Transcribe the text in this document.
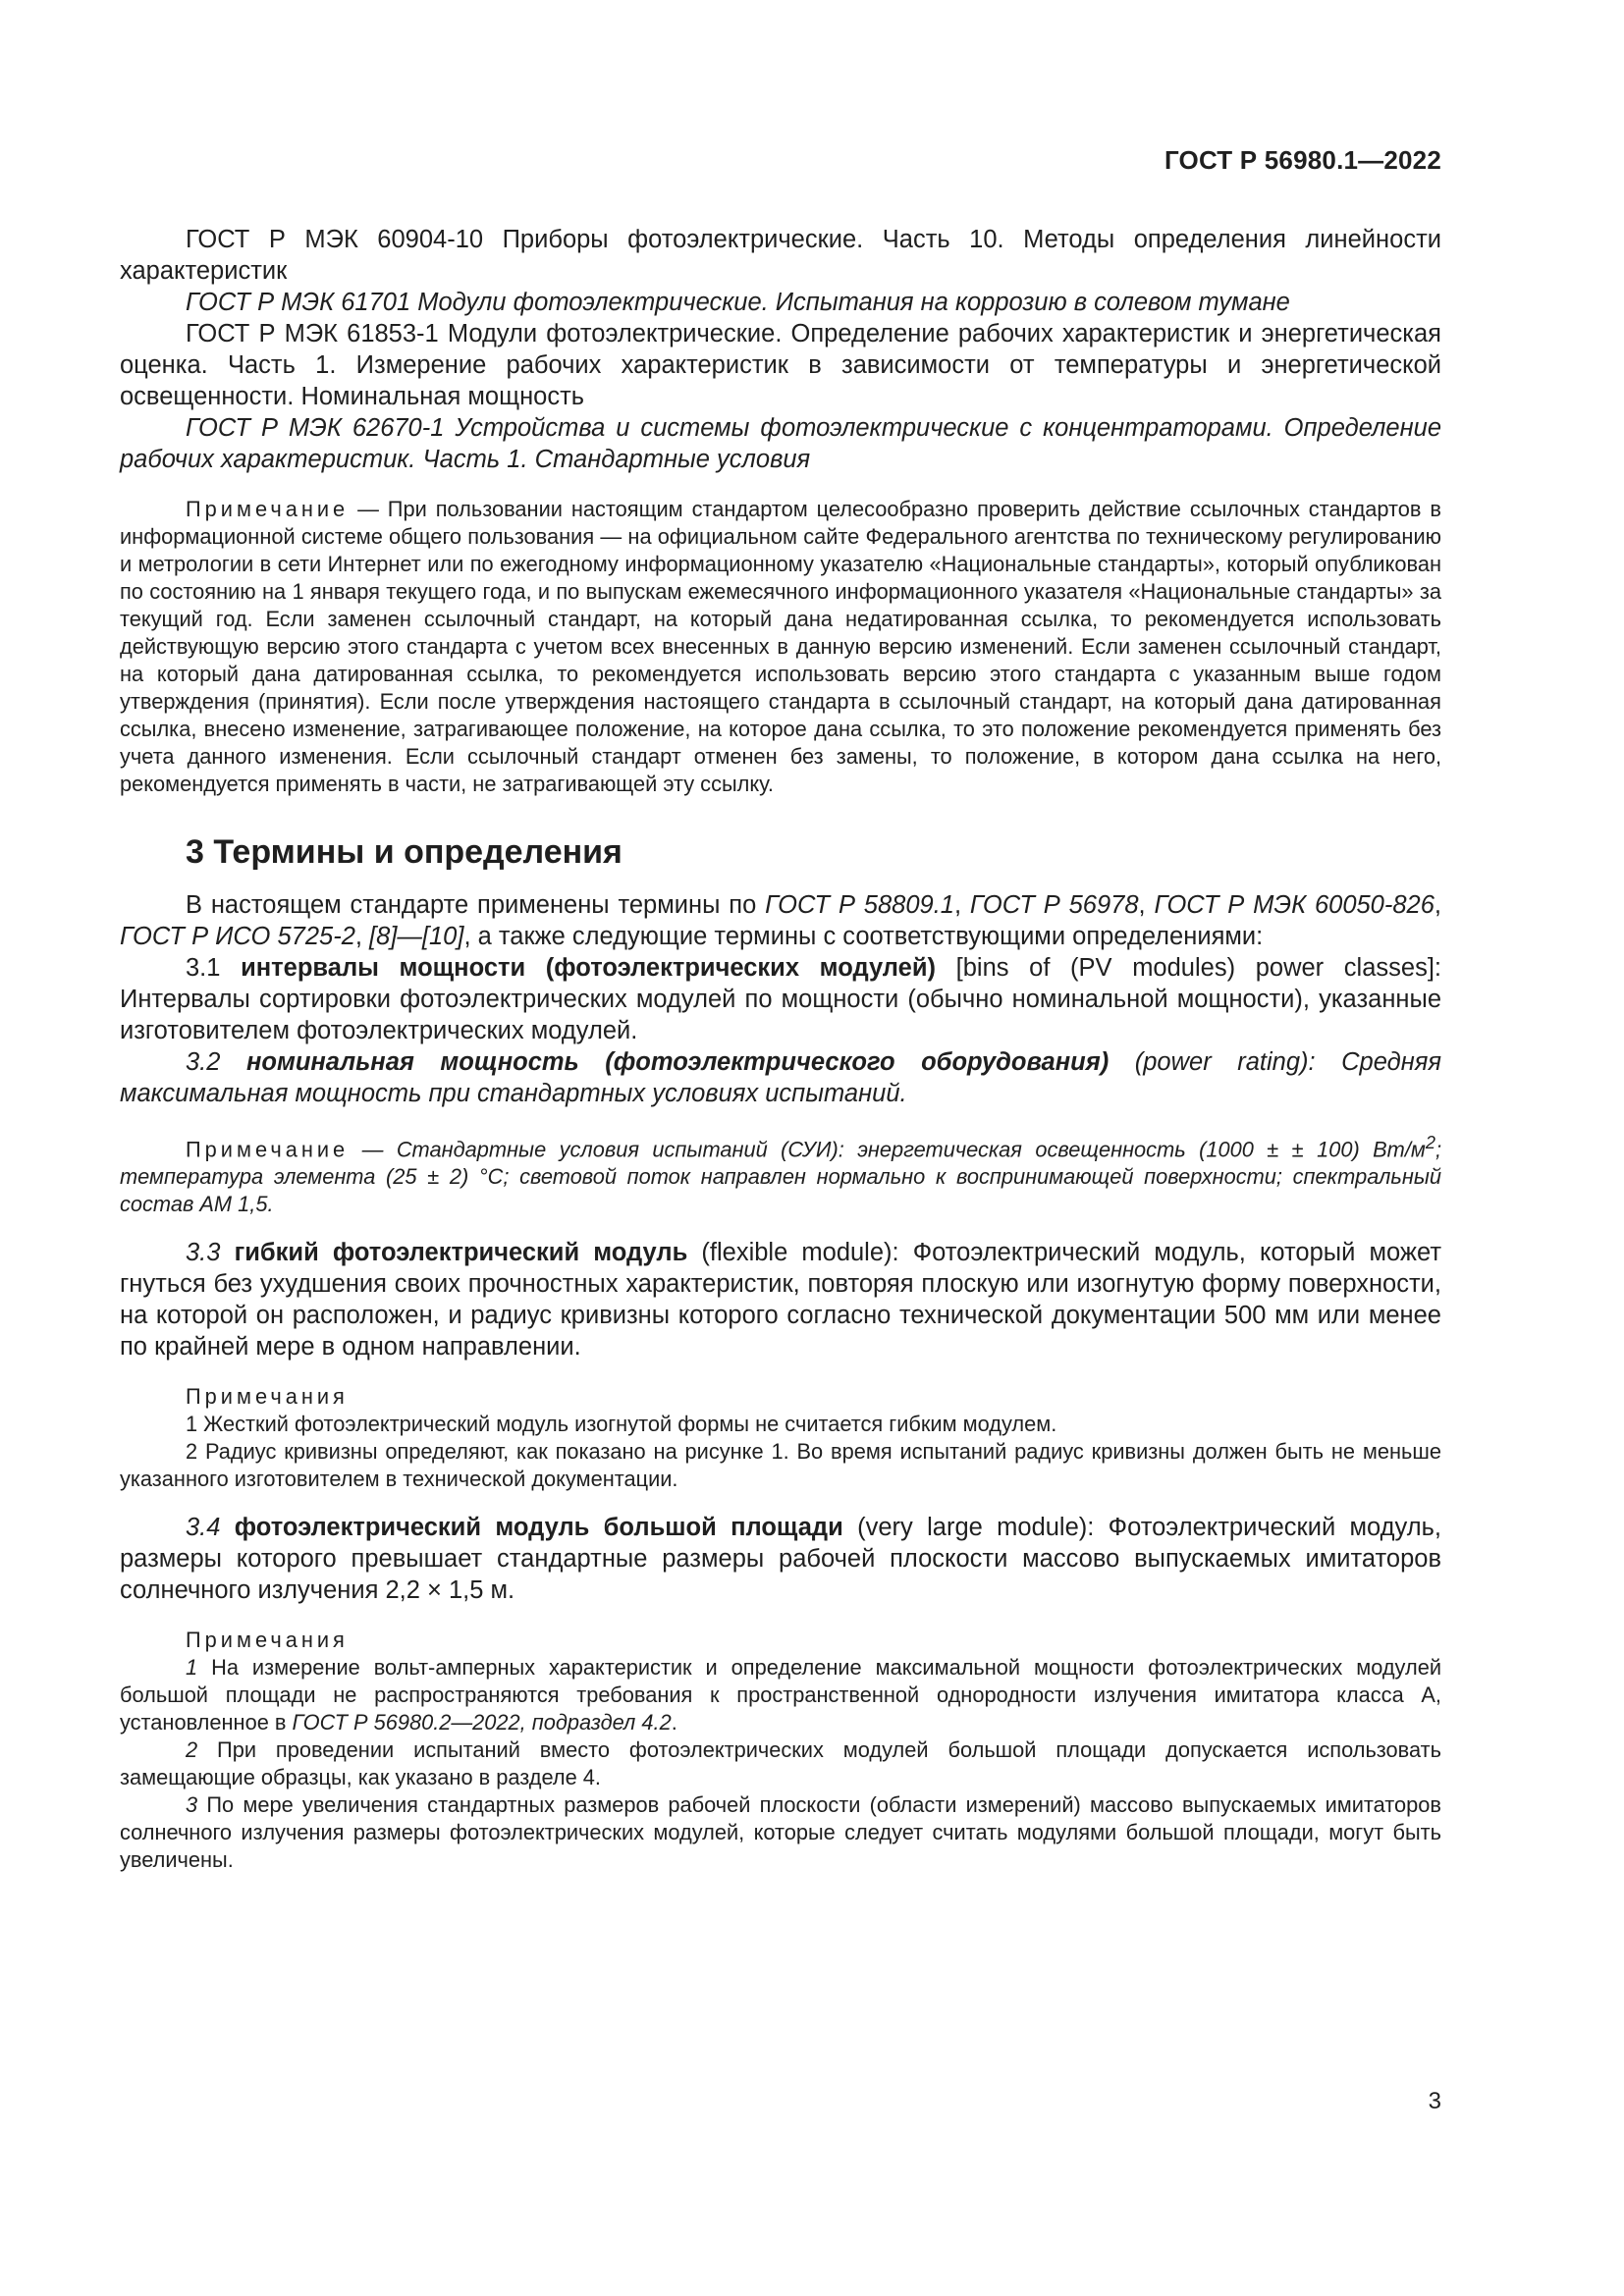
ГОСТ Р 56980.1—2022

ГОСТ Р МЭК 60904-10 Приборы фотоэлектрические. Часть 10. Методы определения линейности характеристик

ГОСТ Р МЭК 61701 Модули фотоэлектрические. Испытания на коррозию в солевом тумане

ГОСТ Р МЭК 61853-1 Модули фотоэлектрические. Определение рабочих характеристик и энергетическая оценка. Часть 1. Измерение рабочих характеристик в зависимости от температуры и энергетической освещенности. Номинальная мощность

ГОСТ Р МЭК 62670-1 Устройства и системы фотоэлектрические с концентраторами. Определение рабочих характеристик. Часть 1. Стандартные условия

Примечание — При пользовании настоящим стандартом целесообразно проверить действие ссылочных стандартов в информационной системе общего пользования — на официальном сайте Федерального агентства по техническому регулированию и метрологии в сети Интернет или по ежегодному информационному указателю «Национальные стандарты», который опубликован по состоянию на 1 января текущего года, и по выпускам ежемесячного информационного указателя «Национальные стандарты» за текущий год. Если заменен ссылочный стандарт, на который дана недатированная ссылка, то рекомендуется использовать действующую версию этого стандарта с учетом всех внесенных в данную версию изменений. Если заменен ссылочный стандарт, на который дана датированная ссылка, то рекомендуется использовать версию этого стандарта с указанным выше годом утверждения (принятия). Если после утверждения настоящего стандарта в ссылочный стандарт, на который дана датированная ссылка, внесено изменение, затрагивающее положение, на которое дана ссылка, то это положение рекомендуется применять без учета данного изменения. Если ссылочный стандарт отменен без замены, то положение, в котором дана ссылка на него, рекомендуется применять в части, не затрагивающей эту ссылку.

3 Термины и определения

В настоящем стандарте применены термины по ГОСТ Р 58809.1, ГОСТ Р 56978, ГОСТ Р МЭК 60050-826, ГОСТ Р ИСО 5725-2, [8]—[10], а также следующие термины с соответствующими определениями:

3.1 интервалы мощности (фотоэлектрических модулей) [bins of (PV modules) power classes]: Интервалы сортировки фотоэлектрических модулей по мощности (обычно номинальной мощности), указанные изготовителем фотоэлектрических модулей.

3.2 номинальная мощность (фотоэлектрического оборудования) (power rating): Средняя максимальная мощность при стандартных условиях испытаний.

Примечание — Стандартные условия испытаний (СУИ): энергетическая освещенность (1000 ± ± 100) $Вт/м^2$; температура элемента (25 ± 2) °С; световой поток направлен нормально к воспринимающей поверхности; спектральный состав АМ 1,5.

3.3 гибкий фотоэлектрический модуль (flexible module): Фотоэлектрический модуль, который может гнуться без ухудшения своих прочностных характеристик, повторяя плоскую или изогнутую форму поверхности, на которой он расположен, и радиус кривизны которого согласно технической документации 500 мм или менее по крайней мере в одном направлении.

Примечания

1 Жесткий фотоэлектрический модуль изогнутой формы не считается гибким модулем.

2 Радиус кривизны определяют, как показано на рисунке 1. Во время испытаний радиус кривизны должен быть не меньше указанного изготовителем в технической документации.

3.4 фотоэлектрический модуль большой площади (very large module): Фотоэлектрический модуль, размеры которого превышает стандартные размеры рабочей плоскости массово выпускаемых имитаторов солнечного излучения 2,2 × 1,5 м.

Примечания

1 На измерение вольт-амперных характеристик и определение максимальной мощности фотоэлектрических модулей большой площади не распространяются требования к пространственной однородности излучения имитатора класса А, установленное в ГОСТ Р 56980.2—2022, подраздел 4.2.

2 При проведении испытаний вместо фотоэлектрических модулей большой площади допускается использовать замещающие образцы, как указано в разделе 4.

3 По мере увеличения стандартных размеров рабочей плоскости (области измерений) массово выпускаемых имитаторов солнечного излучения размеры фотоэлектрических модулей, которые следует считать модулями большой площади, могут быть увеличены.

3
